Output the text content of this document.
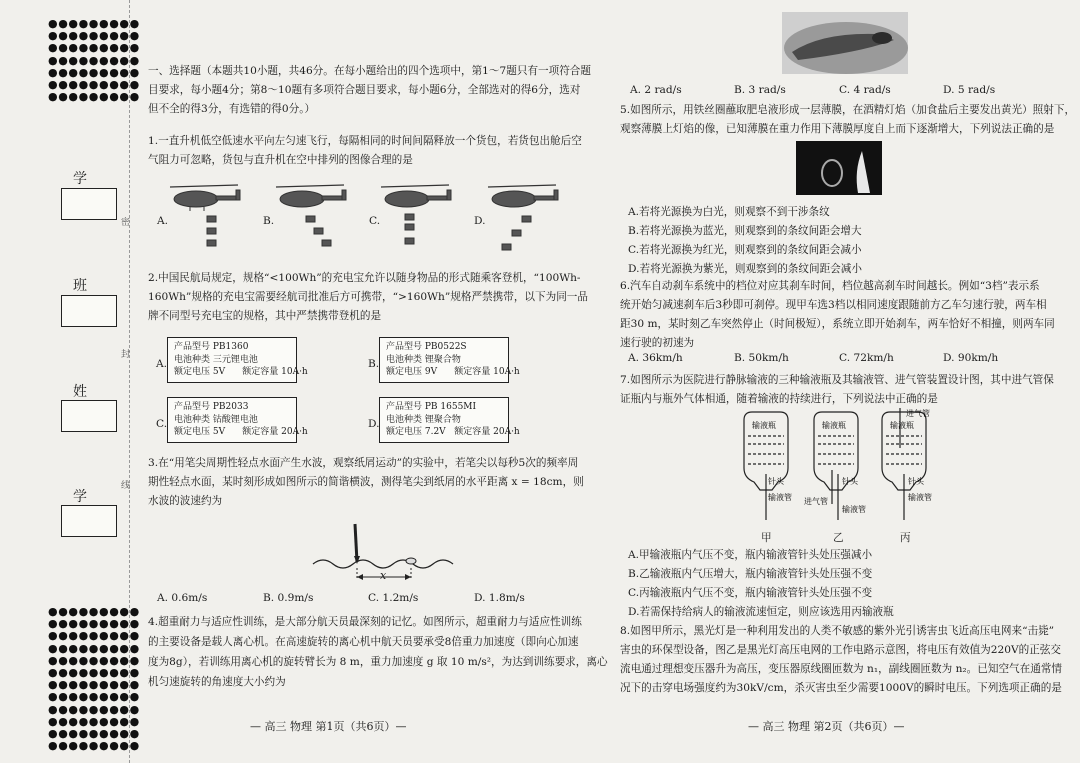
●●●●●●●●●
●●●●●●●●●
●●●●●●●●●
●●●●●●●●●
●●●●●●●●●
●●●●●●●●●
●●●●●●●●●
●●●●●●●●●
●●●●●●●●●
●●●●●●●●●
●●●●●●●●●
●●●●●●●●●
●●●●●●●●●
●●●●●●●●●
●●●●●●●●●
●●●●●●●●●
●●●●●●●●●
●●●●●●●●●
●●●●●●●●●
学
班
姓
学
密
封
线
一、选择题（本题共10小题，共46分。在每小题给出的四个选项中，第1～7题只有一项符合题
目要求，每小题4分；第8～10题有多项符合题目要求，每小题6分，全部选对的得6分，选对
但不全的得3分，有选错的得0分。）
1.一直升机低空低速水平向左匀速飞行，每隔相同的时间间隔释放一个货包，若货包出舱后空
气阻力可忽略，货包与直升机在空中排列的图像合理的是
A.	B.	C.	D.
2.中国民航局规定，规格“<100Wh”的充电宝允许以随身物品的形式随乘客登机，“100Wh-
160Wh”规格的充电宝需要经航司批准后方可携带，“>160Wh”规格严禁携带，以下为同一品
牌不同型号充电宝的规格，其中严禁携带登机的是
A.
产品型号 PB1360
电池种类 三元锂电池
额定电压 5V      额定容量 10A·h
B.
产品型号 PB0522S
电池种类 锂聚合物
额定电压 9V      额定容量 10A·h
C.
产品型号 PB2033
电池种类 钴酸锂电池
额定电压 5V      额定容量 20A·h
D.
产品型号 PB 1655MI
电池种类 锂聚合物
额定电压 7.2V   额定容量 20A·h
3.在“用笔尖周期性轻点水面产生水波，观察纸屑运动”的实验中，若笔尖以每秒5次的频率周
期性轻点水面，某时刻形成如图所示的简谐横波，测得笔尖到纸屑的水平距离 x = 18cm，则
水波的波速约为
x
A. 0.6m/s	B. 0.9m/s	C. 1.2m/s	D. 1.8m/s
4.超重耐力与适应性训练，是大部分航天员最深刻的记忆。如图所示，超重耐力与适应性训练
的主要设备是载人离心机。在高速旋转的离心机中航天员要承受8倍重力加速度（即向心加速
度为8g），若训练用离心机的旋转臂长为 8 m，重力加速度 g 取 10 m/s²，为达到训练要求，离心
机匀速旋转的角速度大小约为
— 高三 物理 第1页（共6页）—
A. 2 rad/s	B. 3 rad/s	C. 4 rad/s	D. 5 rad/s
5.如图所示，用铁丝圈蘸取肥皂液形成一层薄膜，在酒精灯焰（加食盐后主要发出黄光）照射下，
观察薄膜上灯焰的像，已知薄膜在重力作用下薄膜厚度自上而下逐渐增大，下列说法正确的是
A.若将光源换为白光，则观察不到干涉条纹
B.若将光源换为蓝光，则观察到的条纹间距会增大
C.若将光源换为红光，则观察到的条纹间距会减小
D.若将光源换为紫光，则观察到的条纹间距会减小
6.汽车自动刹车系统中的档位对应其刹车时间，档位越高刹车时间越长。例如“3档”表示系
统开始匀减速刹车后3秒即可刹停。现甲车选3档以相同速度跟随前方乙车匀速行驶，两车相
距30 m，某时刻乙车突然停止（时间极短），系统立即开始刹车，两车恰好不相撞，则两车同
速行驶的初速为
A. 36km/h	B. 50km/h	C. 72km/h	D. 90km/h
7.如图所示为医院进行静脉输液的三种输液瓶及其输液管、进气管装置设计图，其中进气管保
证瓶内与瓶外气体相通，随着输液的持续进行，下列说法中正确的是
输液瓶	输液瓶	输液瓶
针头	针头	针头
输液管
输液管
输液管
进气管
进气管
甲	乙	丙
A.甲输液瓶内气压不变，瓶内输液管针头处压强减小
B.乙输液瓶内气压增大，瓶内输液管针头处压强不变
C.丙输液瓶内气压不变，瓶内输液管针头处压强不变
D.若需保持给病人的输液流速恒定，则应该选用丙输液瓶
8.如图甲所示，黑光灯是一种利用发出的人类不敏感的紫外光引诱害虫飞近高压电网来“击毙”
害虫的环保型设备，图乙是黑光灯高压电网的工作电路示意图，将电压有效值为220V的正弦交
流电通过理想变压器升为高压，变压器原线圈匝数为 n₁，副线圈匝数为 n₂。已知空气在通常情
况下的击穿电场强度约为30kV/cm，杀灭害虫至少需要1000V的瞬时电压。下列选项正确的是
— 高三 物理 第2页（共6页）—
